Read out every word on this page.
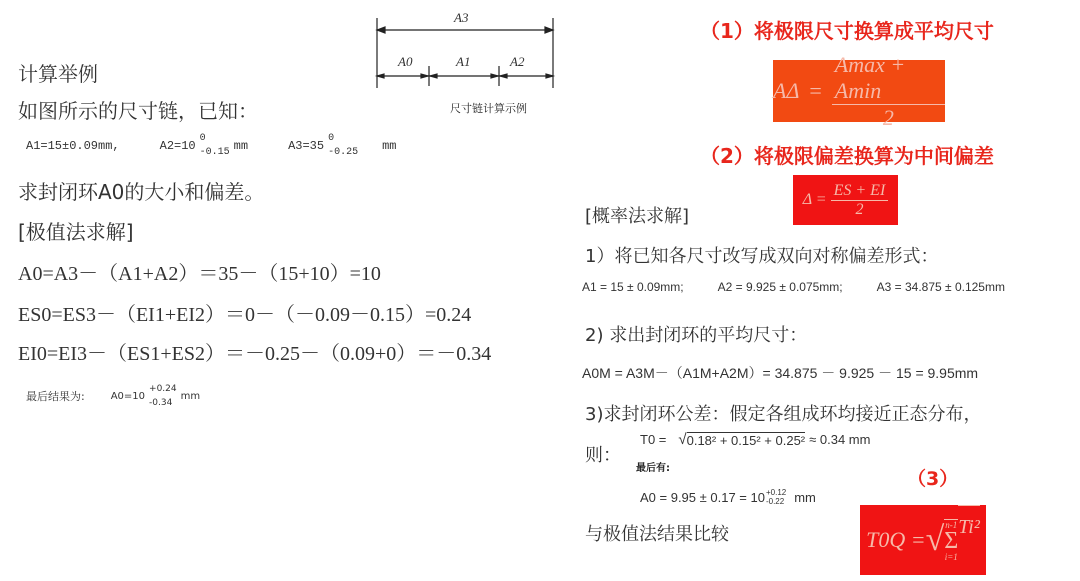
计算举例
如图所示的尺寸链，已知：
A1=15±0.09mm,	A2=10
0
-0.15 mm	A3=35
0
-0.25 mm
求封闭环A0的大小和偏差。
[极值法求解]
A0=A3－（A1+A2）＝35－（15+10）=10
ES0=ES3－（EI1+EI2）＝0－（－0.09－0.15）=0.24
EI0=EI3－（ES1+ES2）＝－0.25－（0.09+0）＝－0.34
最后结果为:	A0=10
+0.24
-0.34
mm
A3
A0	A1	A2
尺寸链计算示例
（1）将极限尺寸换算成平均尺寸
$A\Delta = \frac{Amax + Amin}{2}$
（2）将极限偏差换算为中间偏差
$\Delta = \frac{ES + EI}{2}$
[概率法求解]
1）将已知各尺寸改写成双向对称偏差形式：
A1 = 15 ± 0.09mm;	A2 = 9.925 ± 0.075mm;	A3 = 34.875 ± 0.125mm
2) 求出封闭环的平均尺寸：
A0M = A3M－（A1M+A2M）= 34.875 － 9.925 － 15 = 9.95mm
3)求封闭环公差：假定各组成环均接近正态分布，
则：
T0 = √ 0.18² + 0.15² + 0.25² ≈ 0.34 mm
最后有:	（3）
A0 = 9.95 ± 0.17 = 10 +0.12
-0.22 mm
与极值法结果比较	T0Q = √ n-1
Σ
i=1
Ti²
